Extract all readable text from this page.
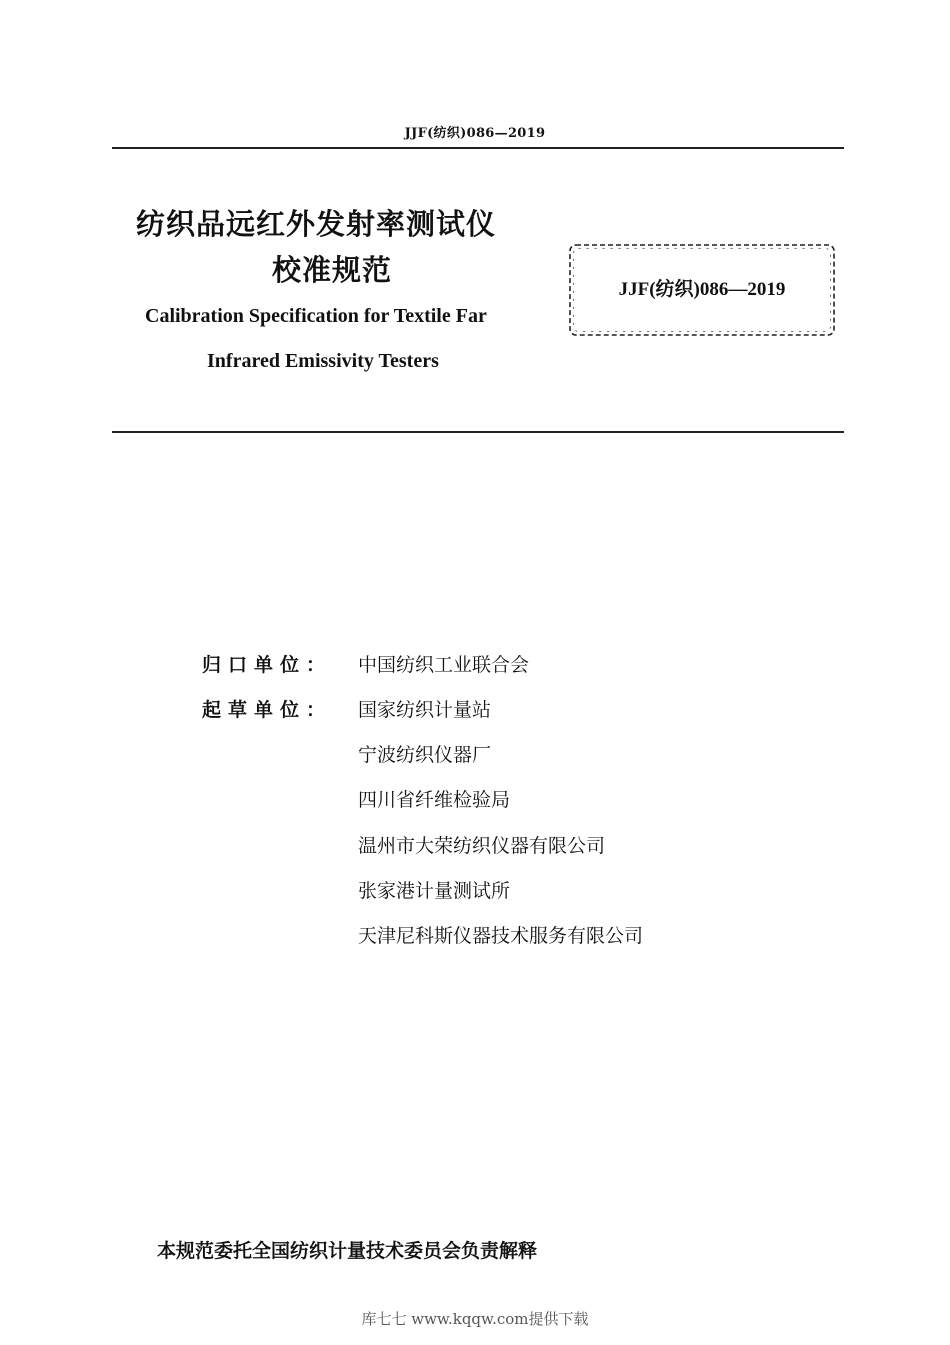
JJF(纺织)086—2019
纺织品远红外发射率测试仪
校准规范
Calibration Specification for Textile Far
Infrared Emissivity Testers
JJF(纺织)086—2019
归口单位： 中国纺织工业联合会
起草单位： 国家纺织计量站
宁波纺织仪器厂
四川省纤维检验局
温州市大荣纺织仪器有限公司
张家港计量测试所
天津尼科斯仪器技术服务有限公司
本规范委托全国纺织计量技术委员会负责解释
库七七 www.kqqw.com提供下载
